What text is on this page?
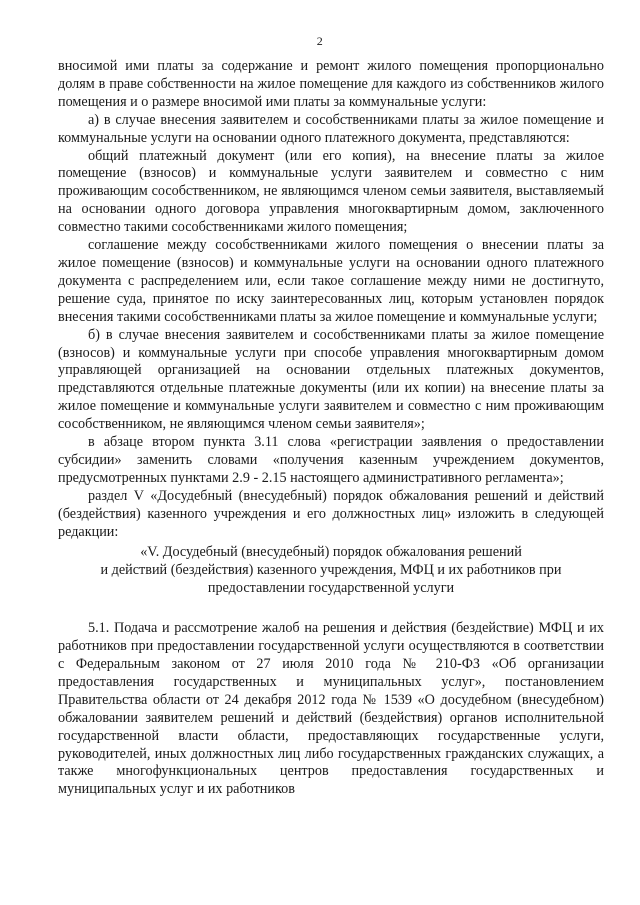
2

вносимой ими платы за содержание и ремонт жилого помещения пропорционально долям в праве собственности на жилое помещение для каждого из собственников жилого помещения и о размере вносимой ими платы за коммунальные услуги:

а) в случае внесения заявителем и сособственниками платы за жилое помещение и коммунальные услуги на основании одного платежного документа, представляются:

общий платежный документ (или его копия), на внесение платы за жилое помещение (взносов) и коммунальные услуги заявителем и совместно с ним проживающим сособственником, не являющимся членом семьи заявителя, выставляемый на основании одного договора управления многоквартирным домом, заключенного совместно такими сособственниками жилого помещения;

соглашение между сособственниками жилого помещения о внесении платы за жилое помещение (взносов) и коммунальные услуги на основании одного платежного документа с распределением или, если такое соглашение между ними не достигнуто, решение суда, принятое по иску заинтересованных лиц, которым установлен порядок внесения такими сособственниками платы за жилое помещение и коммунальные услуги;

б) в случае внесения заявителем и сособственниками платы за жилое помещение (взносов) и коммунальные услуги при способе управления многоквартирным домом управляющей организацией на основании отдельных платежных документов, представляются отдельные платежные документы (или их копии) на внесение платы за жилое помещение и коммунальные услуги заявителем и совместно с ним проживающим сособственником, не являющимся членом семьи заявителя»;

в абзаце втором пункта 3.11 слова «регистрации заявления о предоставлении субсидии» заменить словами «получения казенным учреждением документов, предусмотренных пунктами 2.9 - 2.15 настоящего административного регламента»;

раздел V «Досудебный (внесудебный) порядок обжалования решений и действий (бездействия) казенного учреждения и его должностных лиц» изложить в следующей редакции:

«V. Досудебный (внесудебный) порядок обжалования решений
и действий (бездействия) казенного учреждения, МФЦ и их работников при
предоставлении государственной услуги

5.1. Подача и рассмотрение жалоб на решения и действия (бездействие) МФЦ и их работников при предоставлении государственной услуги осуществляются в соответствии с Федеральным законом от 27 июля 2010 года № 210-ФЗ «Об организации предоставления государственных и муниципальных услуг», постановлением Правительства области от 24 декабря 2012 года № 1539 «О досудебном (внесудебном) обжаловании заявителем решений и действий (бездействия) органов исполнительной государственной власти области, предоставляющих государственные услуги, руководителей, иных должностных лиц либо государственных гражданских служащих, а также многофункциональных центров предоставления государственных и муниципальных услуг и их работников
